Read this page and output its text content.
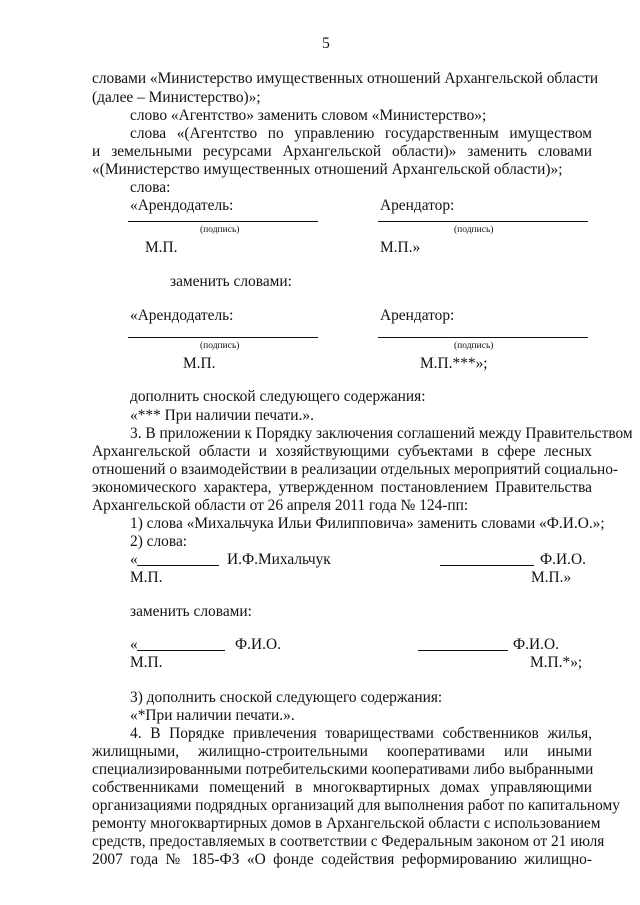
5
словами «Министерство имущественных отношений Архангельской области
(далее – Министерство)»;
слово «Агентство» заменить словом «Министерство»;
слова «(Агентство по управлению государственным имуществом
и земельными ресурсами Архангельской области)» заменить словами
«(Министерство имущественных отношений Архангельской области)»;
слова:
«Арендодатель:	Арендатор:
(подпись)	(подпись)
М.П.	М.П.»
заменить словами:
«Арендодатель:	Арендатор:
(подпись)	(подпись)
М.П.	М.П.***»;
дополнить сноской следующего содержания:
«*** При наличии печати.».
3. В приложении к Порядку заключения соглашений между Правительством
Архангельской области и хозяйствующими субъектами в сфере лесных
отношений о взаимодействии в реализации отдельных мероприятий социально-
экономического характера, утвержденном постановлением Правительства
Архангельской области от 26 апреля 2011 года № 124-пп:
1) слова «Михальчука Ильи Филипповича» заменить словами «Ф.И.О.»;
2) слова:
«	И.Ф.Михальчук	Ф.И.О.
М.П.	М.П.»
заменить словами:
«	Ф.И.О.	Ф.И.О.
М.П.	М.П.*»;
3) дополнить сноской следующего содержания:
«*При наличии печати.».
4. В Порядке привлечения товариществами собственников жилья,
жилищными, жилищно-строительными кооперативами или иными
специализированными потребительскими кооперативами либо выбранными
собственниками помещений в многоквартирных домах управляющими
организациями подрядных организаций для выполнения работ по капитальному
ремонту многоквартирных домов в Архангельской области с использованием
средств, предоставляемых в соответствии с Федеральным законом от 21 июля
2007 года № 185-ФЗ «О фонде содействия реформированию жилищно-
